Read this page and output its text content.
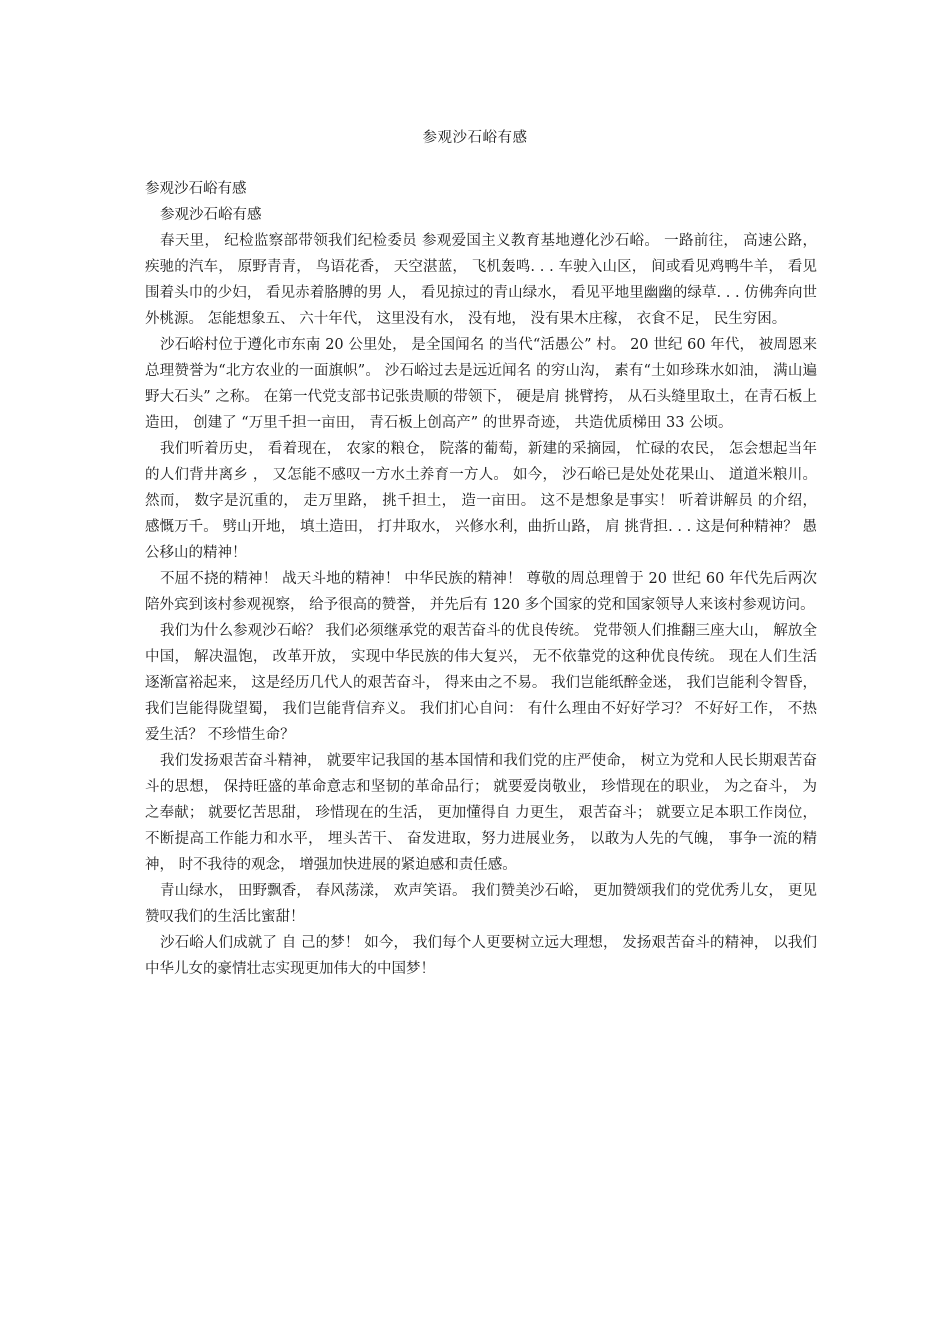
参观沙石峪有感

参观沙石峪有感

参观沙石峪有感

春天里， 纪检监察部带领我们纪检委员 参观爱国主义教育基地遵化沙石峪。 一路前往， 高速公路， 疾驰的汽车， 原野青青， 鸟语花香， 天空湛蓝， 飞机轰鸣. . . 车驶入山区， 间或看见鸡鸭牛羊， 看见围着头巾的少妇， 看见赤着胳膊的男 人， 看见掠过的青山绿水， 看见平地里幽幽的绿草. . . 仿佛奔向世外桃源。 怎能想象五、 六十年代， 这里没有水， 没有地， 没有果木庄稼， 衣食不足， 民生穷困。

沙石峪村位于遵化市东南 20 公里处， 是全国闻名 的当代“活愚公” 村。 20 世纪 60 年代， 被周恩来总理赞誉为“北方农业的一面旗帜”。 沙石峪过去是远近闻名 的穷山沟， 素有“土如珍珠水如油， 满山遍野大石头” 之称。 在第一代党支部书记张贵顺的带领下， 硬是肩 挑臂挎， 从石头缝里取土，在青石板上造田， 创建了 “万里千担一亩田， 青石板上创高产” 的世界奇迹， 共造优质梯田 33 公顷。

我们听着历史， 看着现在， 农家的粮仓， 院落的葡萄，新建的采摘园， 忙碌的农民， 怎会想起当年的人们背井离乡 ， 又怎能不感叹一方水土养育一方人。 如今， 沙石峪已是处处花果山、 道道米粮川。 然而， 数字是沉重的， 走万里路， 挑千担土， 造一亩田。 这不是想象是事实！ 听着讲解员 的介绍， 感慨万千。 劈山开地， 填土造田， 打井取水， 兴修水利，曲折山路， 肩 挑背担. . . 这是何种精神？ 愚公移山的精神！

不屈不挠的精神！ 战天斗地的精神！ 中华民族的精神！ 尊敬的周总理曾于 20 世纪 60 年代先后两次陪外宾到该村参观视察， 给予很高的赞誉， 并先后有 120 多个国家的党和国家领导人来该村参观访问。

我们为什么参观沙石峪？ 我们必须继承党的艰苦奋斗的优良传统。 党带领人们推翻三座大山， 解放全中国， 解决温饱， 改革开放， 实现中华民族的伟大复兴， 无不依靠党的这种优良传统。 现在人们生活逐渐富裕起来， 这是经历几代人的艰苦奋斗， 得来由之不易。 我们岂能纸醉金迷， 我们岂能利令智昏， 我们岂能得陇望蜀， 我们岂能背信弃义。 我们扪心自问： 有什么理由不好好学习？ 不好好工作， 不热爱生活？ 不珍惜生命？

我们发扬艰苦奋斗精神， 就要牢记我国的基本国情和我们党的庄严使命， 树立为党和人民长期艰苦奋斗的思想， 保持旺盛的革命意志和坚韧的革命品行； 就要爱岗敬业， 珍惜现在的职业， 为之奋斗， 为之奉献； 就要忆苦思甜， 珍惜现在的生活， 更加懂得自 力更生， 艰苦奋斗； 就要立足本职工作岗位， 不断提高工作能力和水平， 埋头苦干、 奋发进取，努力进展业务， 以敢为人先的气魄， 事争一流的精神， 时不我待的观念， 增强加快进展的紧迫感和责任感。

青山绿水， 田野飘香， 春风荡漾， 欢声笑语。 我们赞美沙石峪， 更加赞颂我们的党优秀儿女， 更见赞叹我们的生活比蜜甜！

沙石峪人们成就了 自 己的梦！ 如今， 我们每个人更要树立远大理想， 发扬艰苦奋斗的精神， 以我们中华儿女的豪情壮志实现更加伟大的中国梦！
